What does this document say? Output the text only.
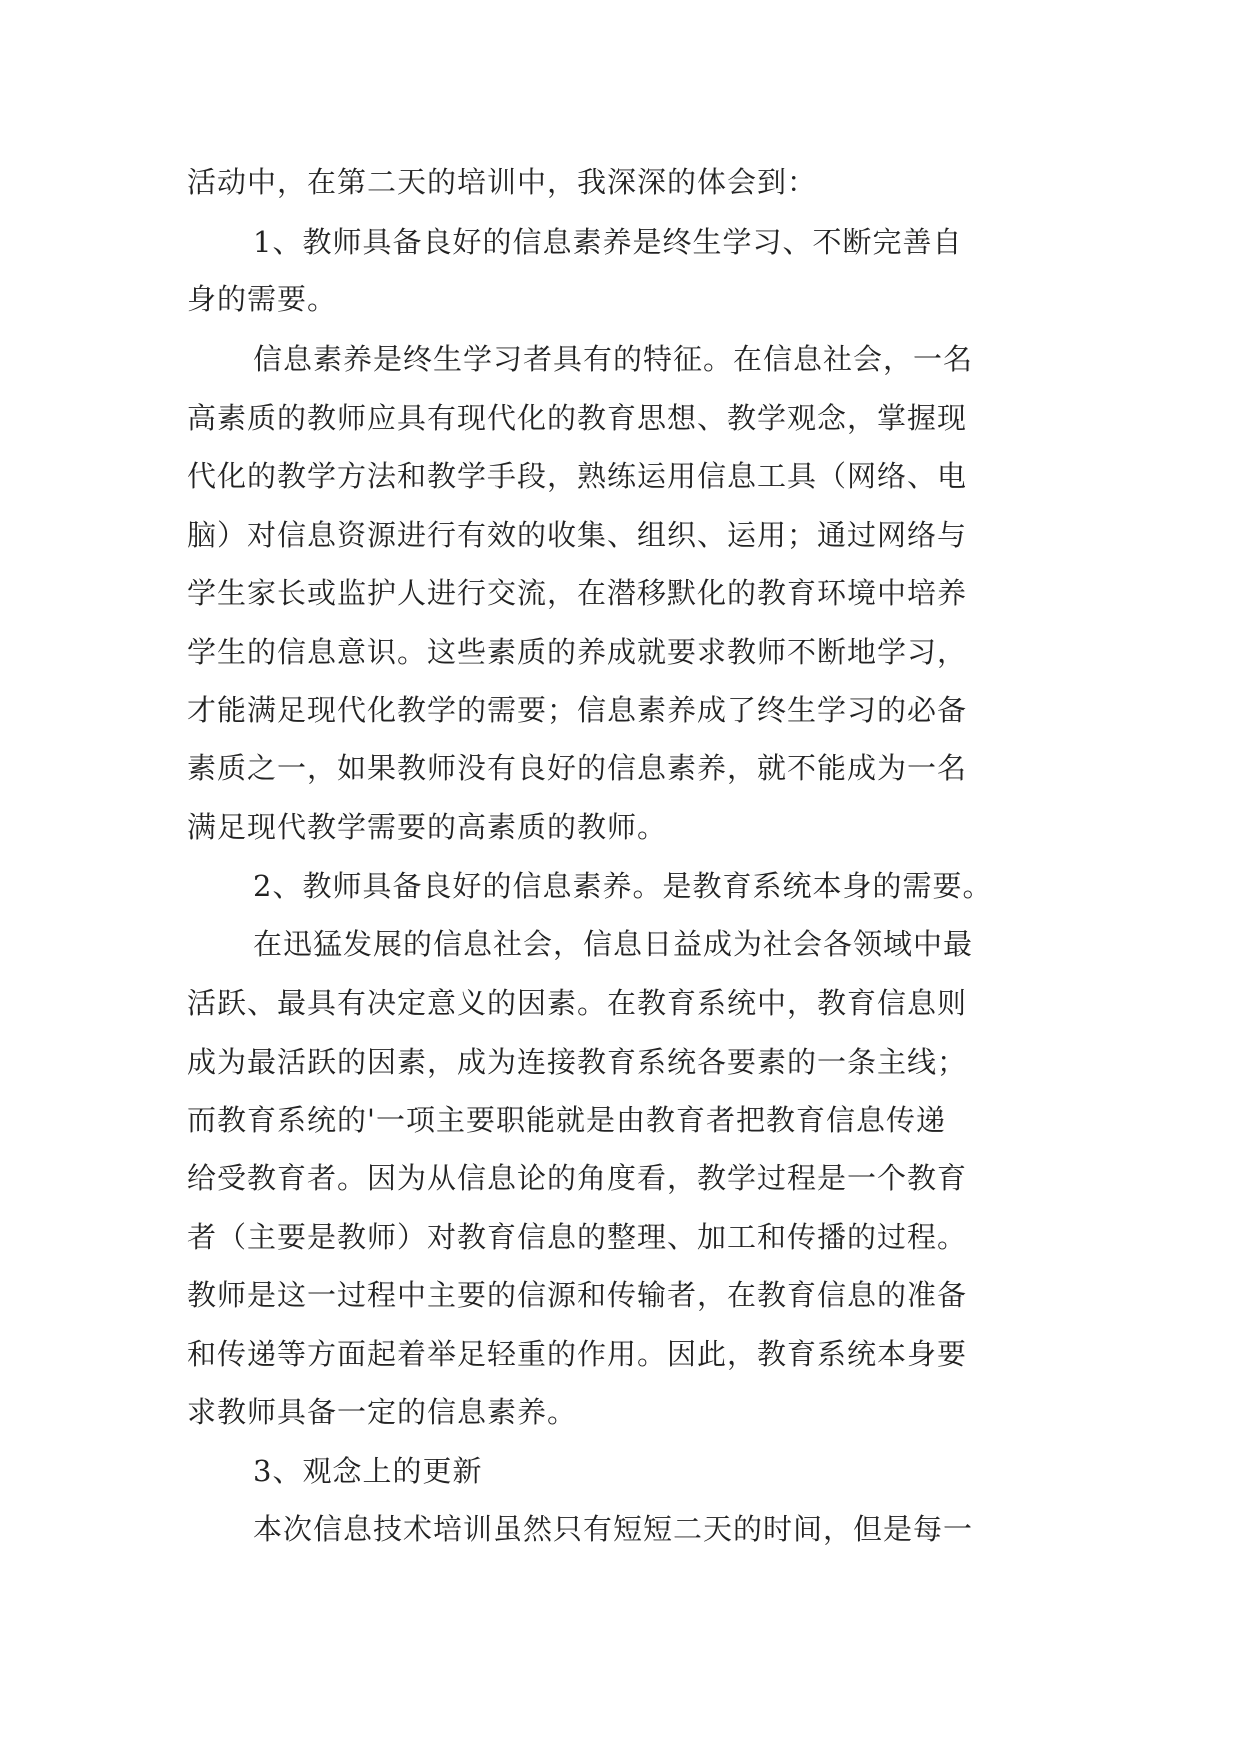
活动中，在第二天的培训中，我深深的体会到：
1、教师具备良好的信息素养是终生学习、不断完善自
身的需要。
信息素养是终生学习者具有的特征。在信息社会，一名
高素质的教师应具有现代化的教育思想、教学观念，掌握现
代化的教学方法和教学手段，熟练运用信息工具（网络、电
脑）对信息资源进行有效的收集、组织、运用；通过网络与
学生家长或监护人进行交流，在潜移默化的教育环境中培养
学生的信息意识。这些素质的养成就要求教师不断地学习，
才能满足现代化教学的需要；信息素养成了终生学习的必备
素质之一，如果教师没有良好的信息素养，就不能成为一名
满足现代教学需要的高素质的教师。
2、教师具备良好的信息素养。是教育系统本身的需要。
在迅猛发展的信息社会，信息日益成为社会各领域中最
活跃、最具有决定意义的因素。在教育系统中，教育信息则
成为最活跃的因素，成为连接教育系统各要素的一条主线；
而教育系统的'一项主要职能就是由教育者把教育信息传递
给受教育者。因为从信息论的角度看，教学过程是一个教育
者（主要是教师）对教育信息的整理、加工和传播的过程。
教师是这一过程中主要的信源和传输者，在教育信息的准备
和传递等方面起着举足轻重的作用。因此，教育系统本身要
求教师具备一定的信息素养。
3、观念上的更新
本次信息技术培训虽然只有短短二天的时间，但是每一
